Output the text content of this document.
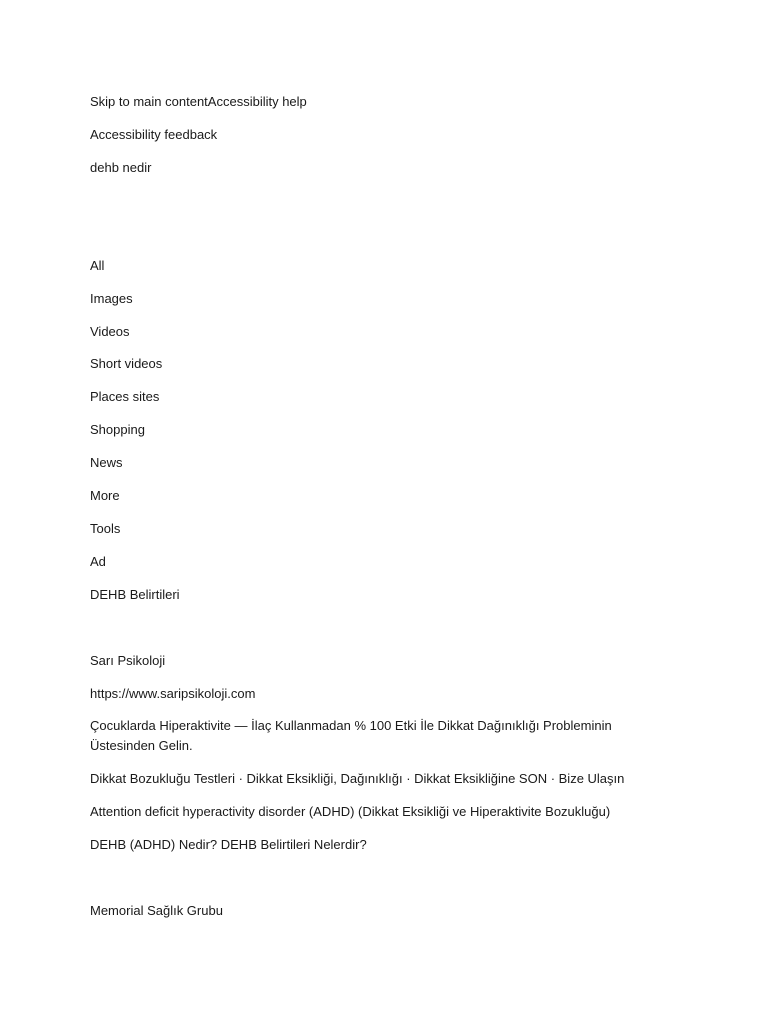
Skip to main contentAccessibility help

Accessibility feedback

dehb nedir

All

Images

Videos

Short videos

Places sites

Shopping

News

More

Tools

Ad

DEHB Belirtileri

Sarı Psikoloji

https://www.saripsikoloji.com

Çocuklarda Hiperaktivite — İlaç Kullanmadan % 100 Etki İle Dikkat Dağınıklığı Probleminin Üstesinden Gelin.

Dikkat Bozukluğu Testleri · Dikkat Eksikliği, Dağınıklığı · Dikkat Eksikliğine SON · Bize Ulaşın

Attention deficit hyperactivity disorder (ADHD) (Dikkat Eksikliği ve Hiperaktivite Bozukluğu)

DEHB (ADHD) Nedir? DEHB Belirtileri Nelerdir?

Memorial Sağlık Grubu
